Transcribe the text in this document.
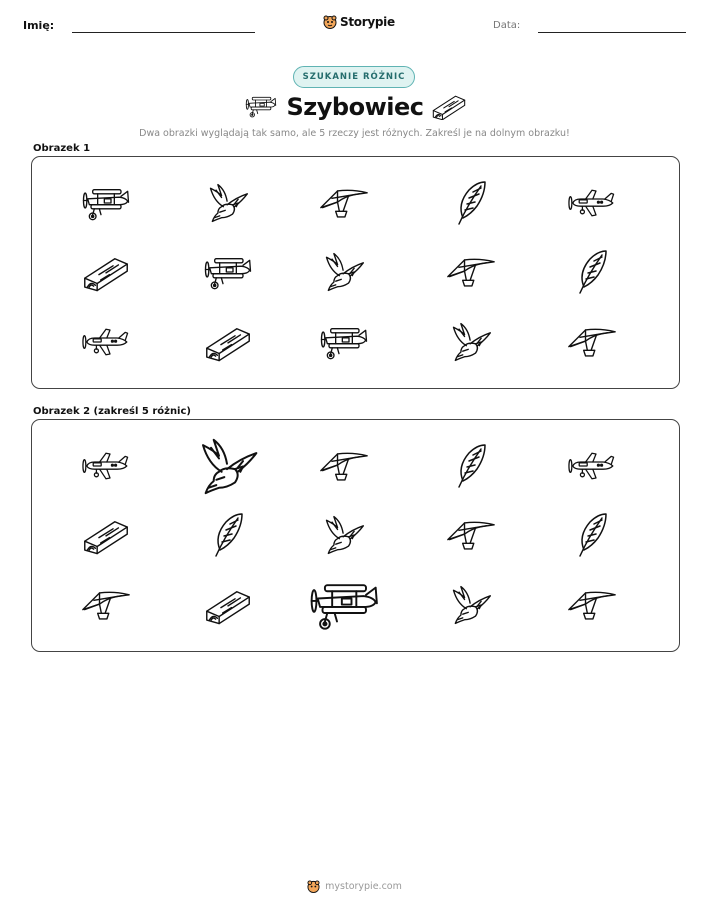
Imię:	Storypie	Data:
SZUKANIE RÓŻNIC
Szybowiec
Dwa obrazki wyglądają tak samo, ale 5 rzeczy jest różnych. Zakreśl je na dolnym obrazku!
Obrazek 1
Obrazek 2 (zakreśl 5 różnic)
mystorypie.com
